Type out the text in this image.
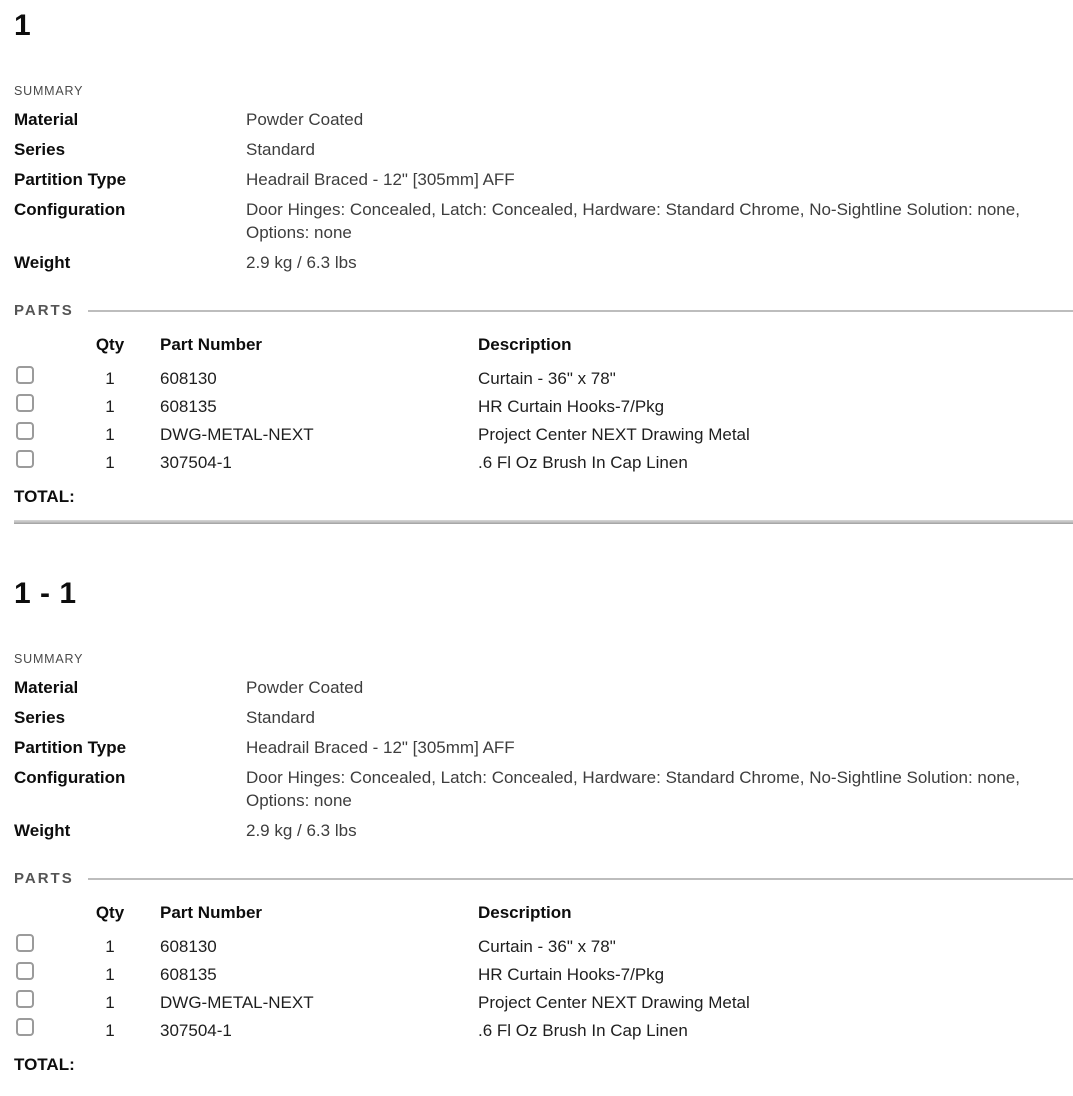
1
SUMMARY
Material	Powder Coated
Series	Standard
Partition Type	Headrail Braced - 12" [305mm] AFF
Configuration	Door Hinges: Concealed, Latch: Concealed, Hardware: Standard Chrome, No-Sightline Solution: none, Options: none
Weight	2.9 kg / 6.3 lbs
PARTS
Qty	Part Number	Description
1	608130	Curtain - 36" x 78"
1	608135	HR Curtain Hooks-7/Pkg
1	DWG-METAL-NEXT	Project Center NEXT Drawing Metal
1	307504-1	.6 Fl Oz Brush In Cap Linen
TOTAL:
1 - 1
SUMMARY
Material	Powder Coated
Series	Standard
Partition Type	Headrail Braced - 12" [305mm] AFF
Configuration	Door Hinges: Concealed, Latch: Concealed, Hardware: Standard Chrome, No-Sightline Solution: none, Options: none
Weight	2.9 kg / 6.3 lbs
PARTS
Qty	Part Number	Description
1	608130	Curtain - 36" x 78"
1	608135	HR Curtain Hooks-7/Pkg
1	DWG-METAL-NEXT	Project Center NEXT Drawing Metal
1	307504-1	.6 Fl Oz Brush In Cap Linen
TOTAL:
